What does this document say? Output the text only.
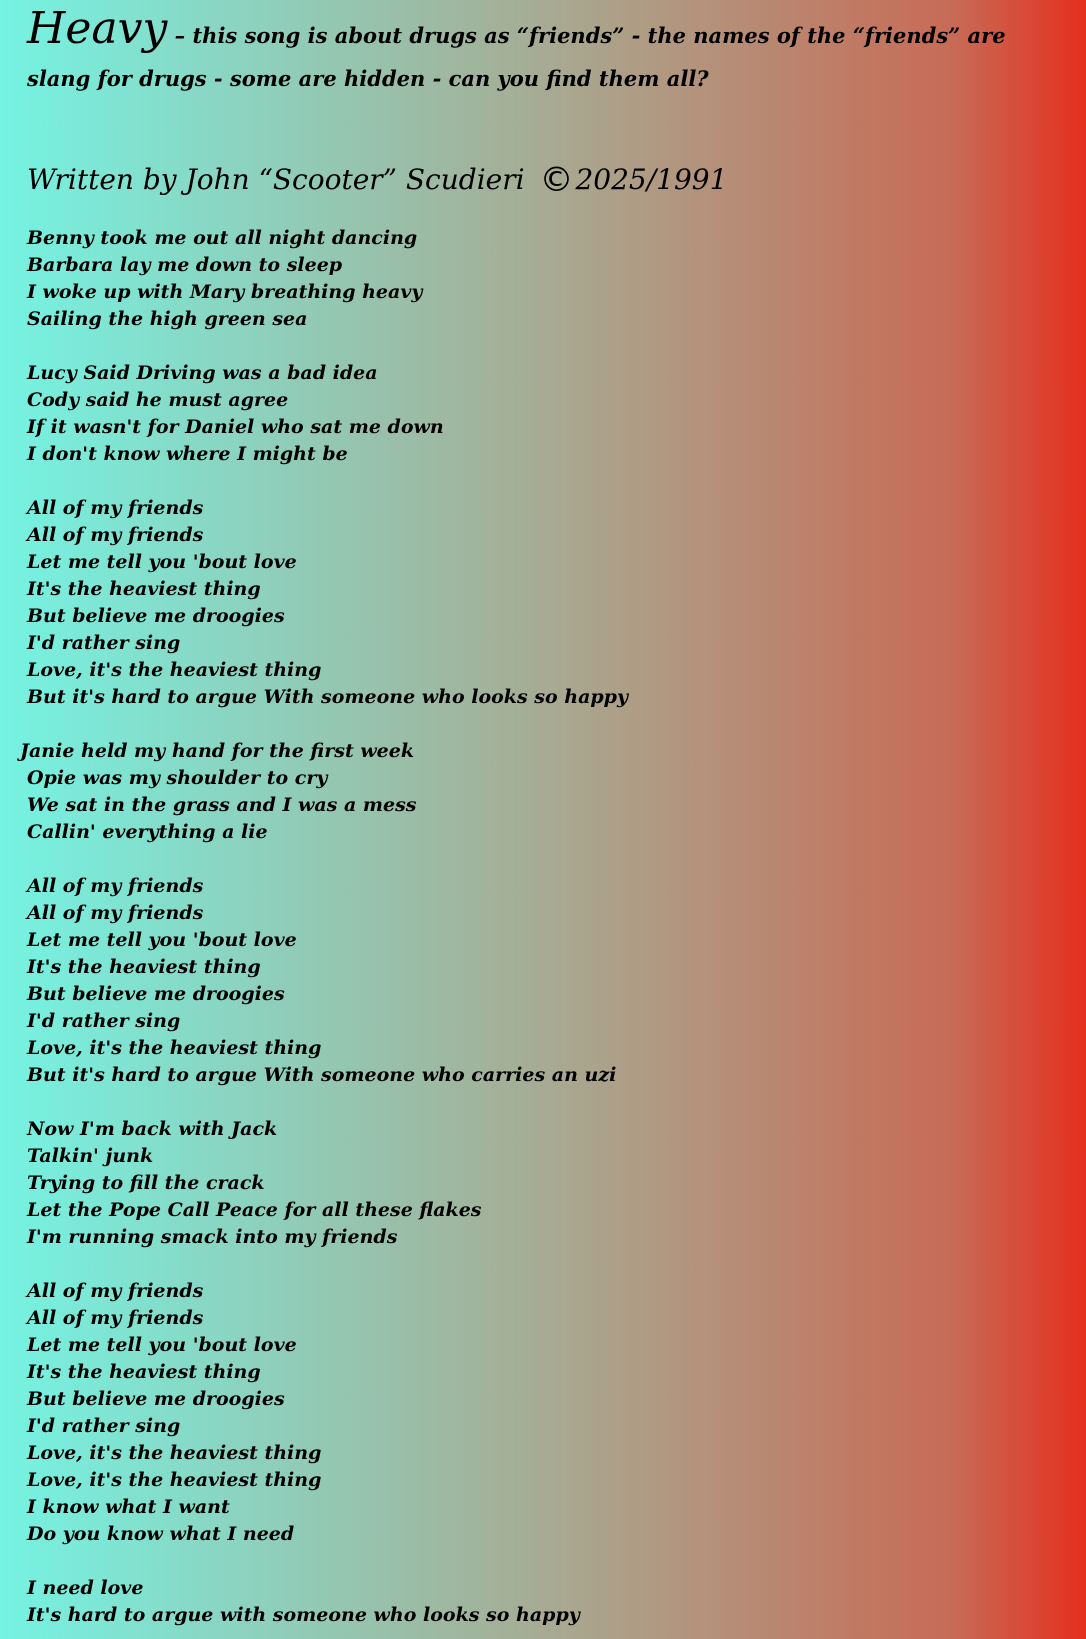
Heavy – this song is about drugs as “friends” - the names of the “friends” are slang for drugs - some are hidden - can you find them all?
Written by John “Scooter” Scudieri ©2025/1991
Benny took me out all night dancing
Barbara lay me down to sleep
I woke up with Mary breathing heavy
Sailing the high green sea
Lucy Said Driving was a bad idea
Cody said he must agree
If it wasn't for Daniel who sat me down
I don't know where I might be
All of my friends
All of my friends
Let me tell you 'bout love
It's the heaviest thing
But believe me droogies
I'd rather sing
Love, it's the heaviest thing
But it's hard to argue With someone who looks so happy
Janie held my hand for the first week
Opie was my shoulder to cry
We sat in the grass and I was a mess
Callin' everything a lie
All of my friends
All of my friends
Let me tell you 'bout love
It's the heaviest thing
But believe me droogies
I'd rather sing
Love, it's the heaviest thing
But it's hard to argue With someone who carries an uzi
Now I'm back with Jack
Talkin' junk
Trying to fill the crack
Let the Pope Call Peace for all these flakes
I'm running smack into my friends
All of my friends
All of my friends
Let me tell you 'bout love
It's the heaviest thing
But believe me droogies
I'd rather sing
Love, it's the heaviest thing
Love, it's the heaviest thing
I know what I want
Do you know what I need
I need love
It's hard to argue with someone who looks so happy
